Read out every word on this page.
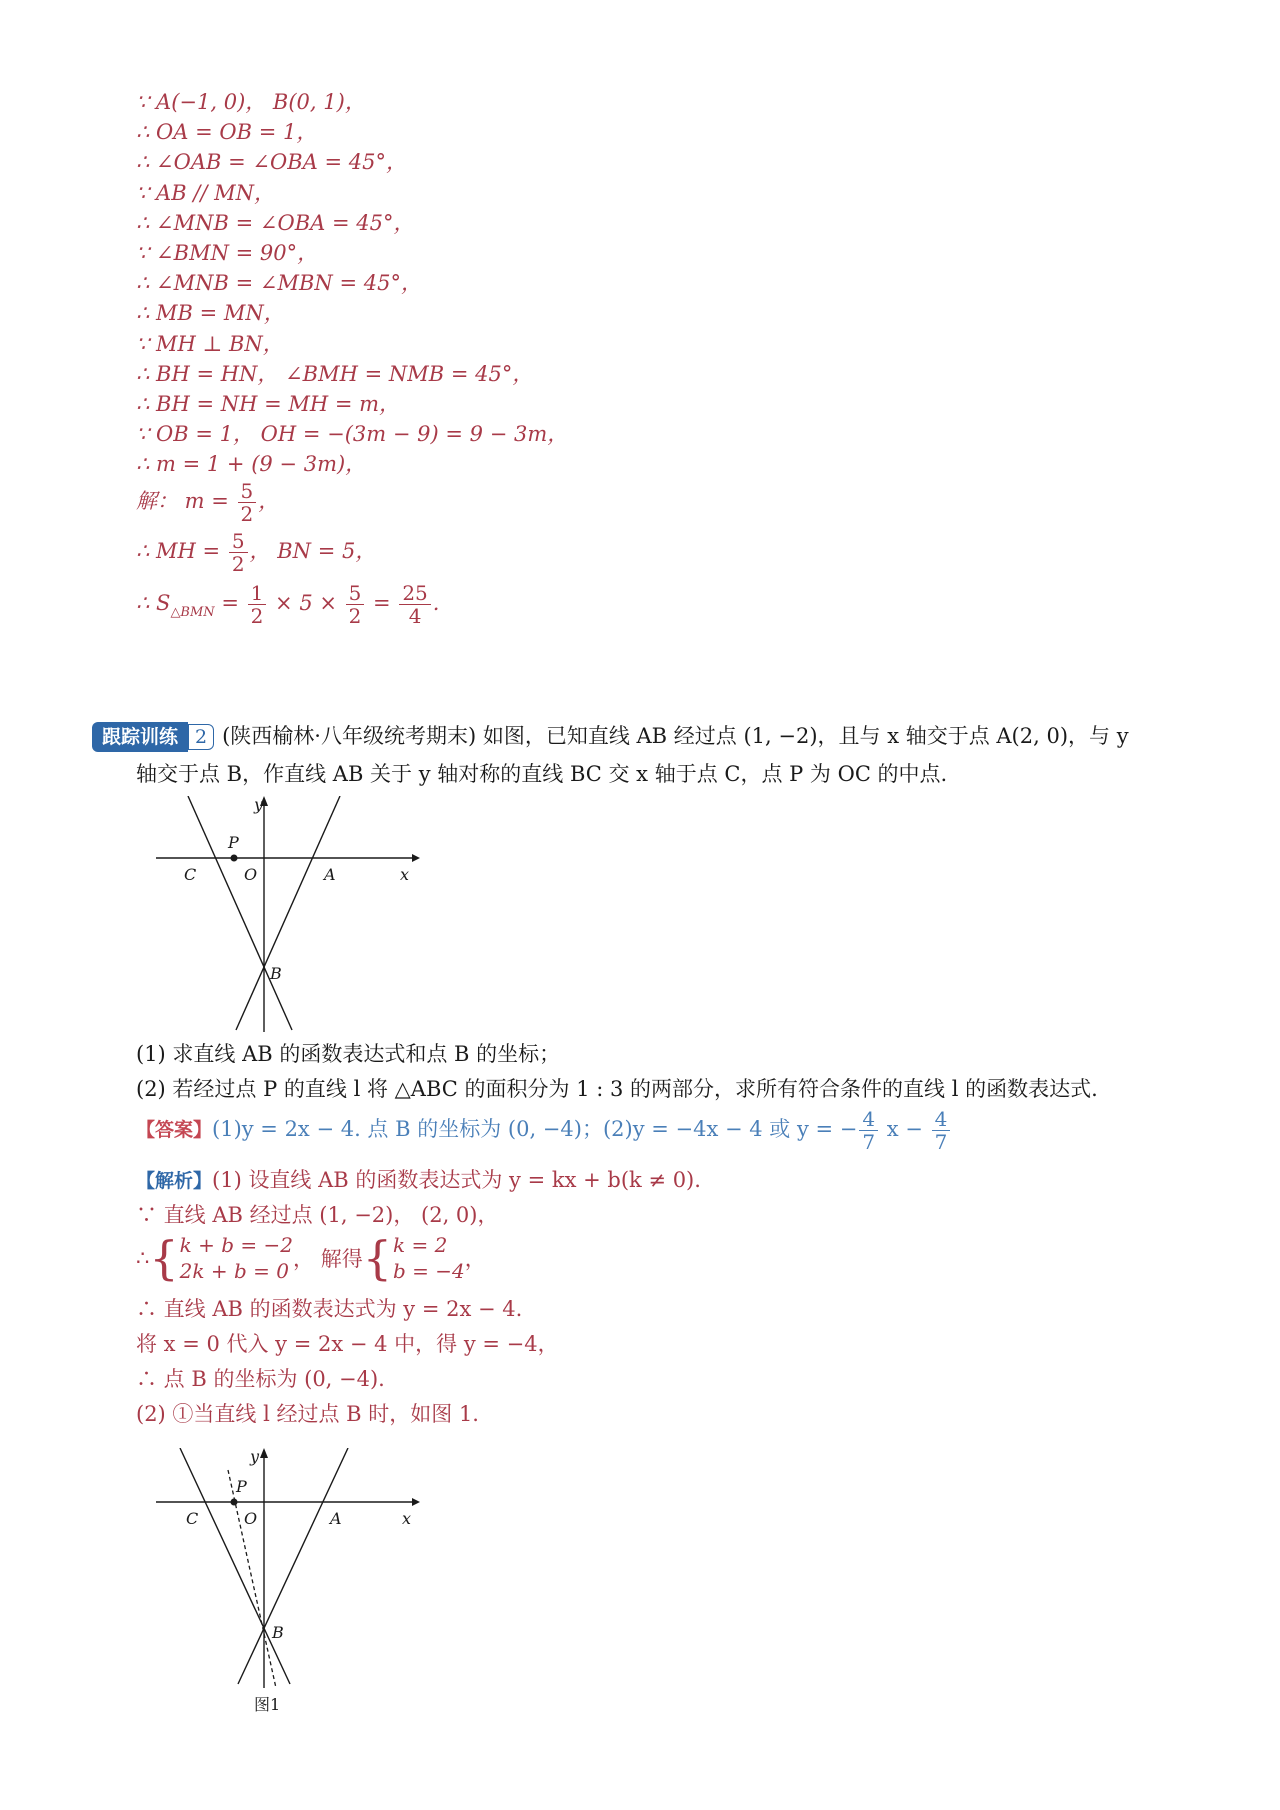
∵ A(−1, 0)， B(0, 1)，
∴ OA = OB = 1，
∴ ∠OAB = ∠OBA = 45°，
∵ AB // MN，
∴ ∠MNB = ∠OBA = 45°，
∵ ∠BMN = 90°，
∴ ∠MNB = ∠MBN = 45°，
∴ MB = MN，
∵ MH ⊥ BN，
∴ BH = HN， ∠BMH = NMB = 45°，
∴ BH = NH = MH = m，
∵ OB = 1， OH = −(3m − 9) = 9 − 3m，
∴ m = 1 + (9 − 3m)，
解： $m = \frac{5}{2}$ ，
∴ MH = $\frac{5}{2}$ ， BN = 5，
∴ $S_{\triangle BMN} = \frac{1}{2} \times 5 \times \frac{5}{2} = \frac{25}{4}$ .
跟踪训练 2 (陕西榆林·八年级统考期末) 如图，已知直线 AB 经过点 (1, −2)，且与 x 轴交于点 A(2, 0)，与 y
轴交于点 B，作直线 AB 关于 y 轴对称的直线 BC 交 x 轴于点 C，点 P 为 OC 的中点.
y
x
P
C	O	A
B
(1) 求直线 AB 的函数表达式和点 B 的坐标；
(2) 若经过点 P 的直线 l 将 △ABC 的面积分为 1 : 3 的两部分，求所有符合条件的直线 l 的函数表达式.
【答案】(1)y = 2x − 4. 点 B 的坐标为 (0, −4)；(2)y = −4x − 4 或 y = − $\frac{4}{7}$ $x - \frac{4}{7}$
【解析】(1) 设直线 AB 的函数表达式为 y = kx + b(k ≠ 0).
∵ 直线 AB 经过点 (1, −2)， (2, 0)，
∴{ k + b = −2
2k + b = 0 ， 解得{ k = 2
b = −4 ，
∴ 直线 AB 的函数表达式为 y = 2x − 4.
将 x = 0 代入 y = 2x − 4 中，得 y = −4，
∴ 点 B 的坐标为 (0, −4).
(2) ①当直线 l 经过点 B 时，如图 1.
y
x
P
C	O	A
B
图1
